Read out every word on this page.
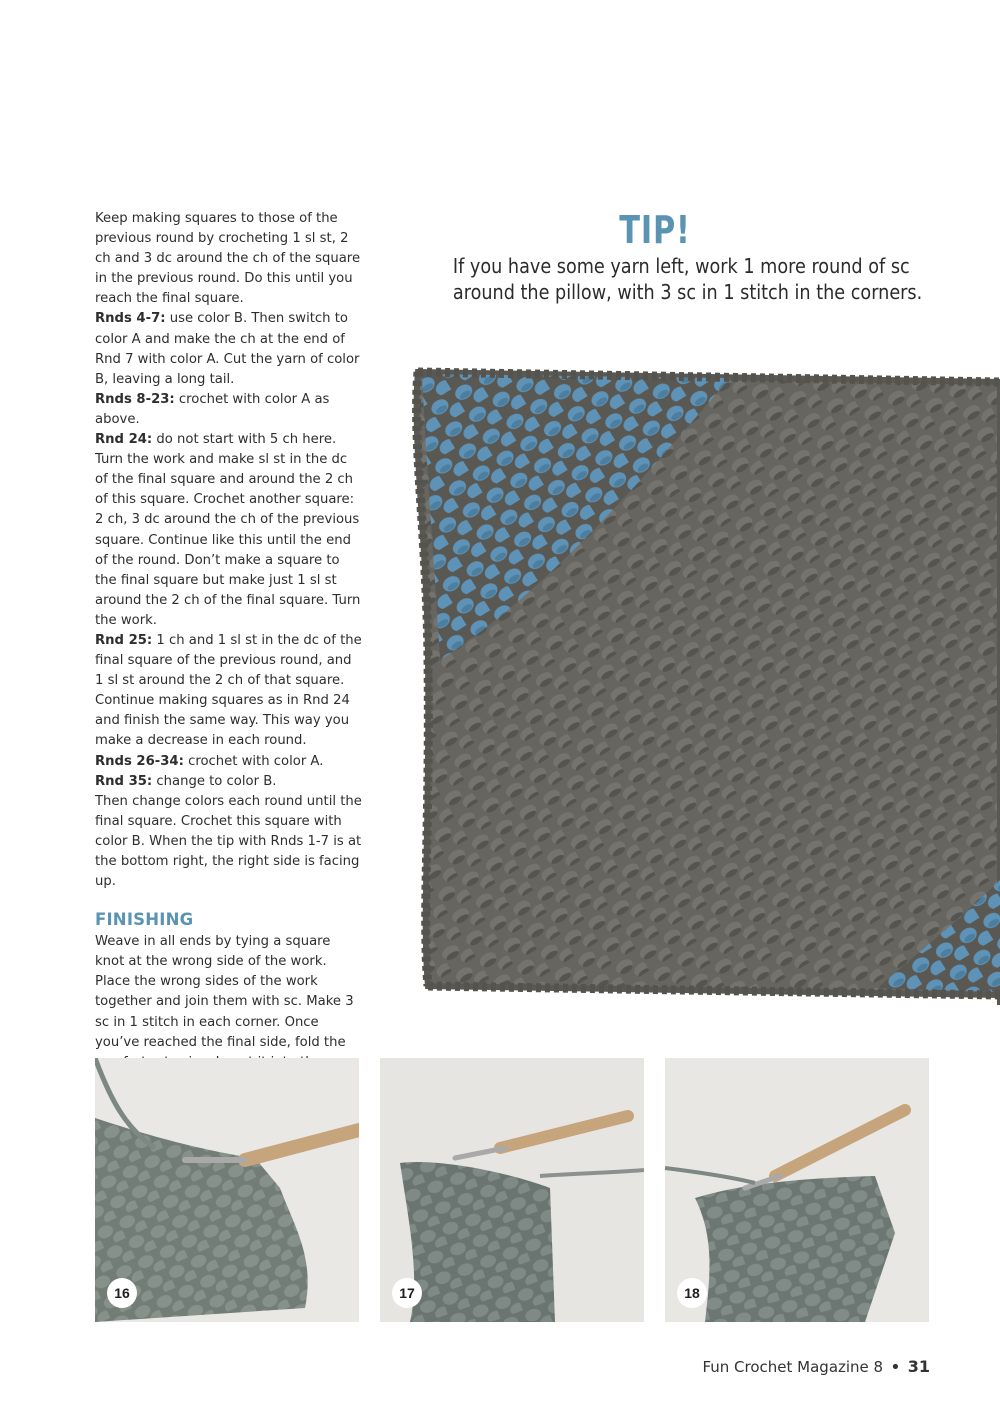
Keep making squares to those of the previous round by crocheting 1 sl st, 2 ch and 3 dc around the ch of the square in the previous round. Do this until you reach the final square.

Rnds 4-7: use color B. Then switch to color A and make the ch at the end of Rnd 7 with color A. Cut the yarn of color B, leaving a long tail.

Rnds 8-23: crochet with color A as above.

Rnd 24: do not start with 5 ch here. Turn the work and make sl st in the dc of the final square and around the 2 ch of this square. Crochet another square: 2 ch, 3 dc around the ch of the previous square. Continue like this until the end of the round. Don’t make a square to the final square but make just 1 sl st around the 2 ch of the final square. Turn the work.

Rnd 25: 1 ch and 1 sl st in the dc of the final square of the previous round, and 1 sl st around the 2 ch of that square. Continue making squares as in Rnd 24 and finish the same way. This way you make a decrease in each round.

Rnds 26-34: crochet with color A.

Rnd 35: change to color B.

Then change colors each round until the final square. Crochet this square with color B. When the tip with Rnds 1-7 is at the bottom right, the right side is facing up.

FINISHING

Weave in all ends by tying a square knot at the wrong side of the work. Place the wrong sides of the work together and join them with sc. Make 3 sc in 1 stitch in each corner. Once you’ve reached the final side, fold the

TIP!
If you have some yarn left, work 1 more round of sc
around the pillow, with 3 sc in 1 stitch in the corners.
16	17	18
Fun Crochet Magazine 8 • 31
